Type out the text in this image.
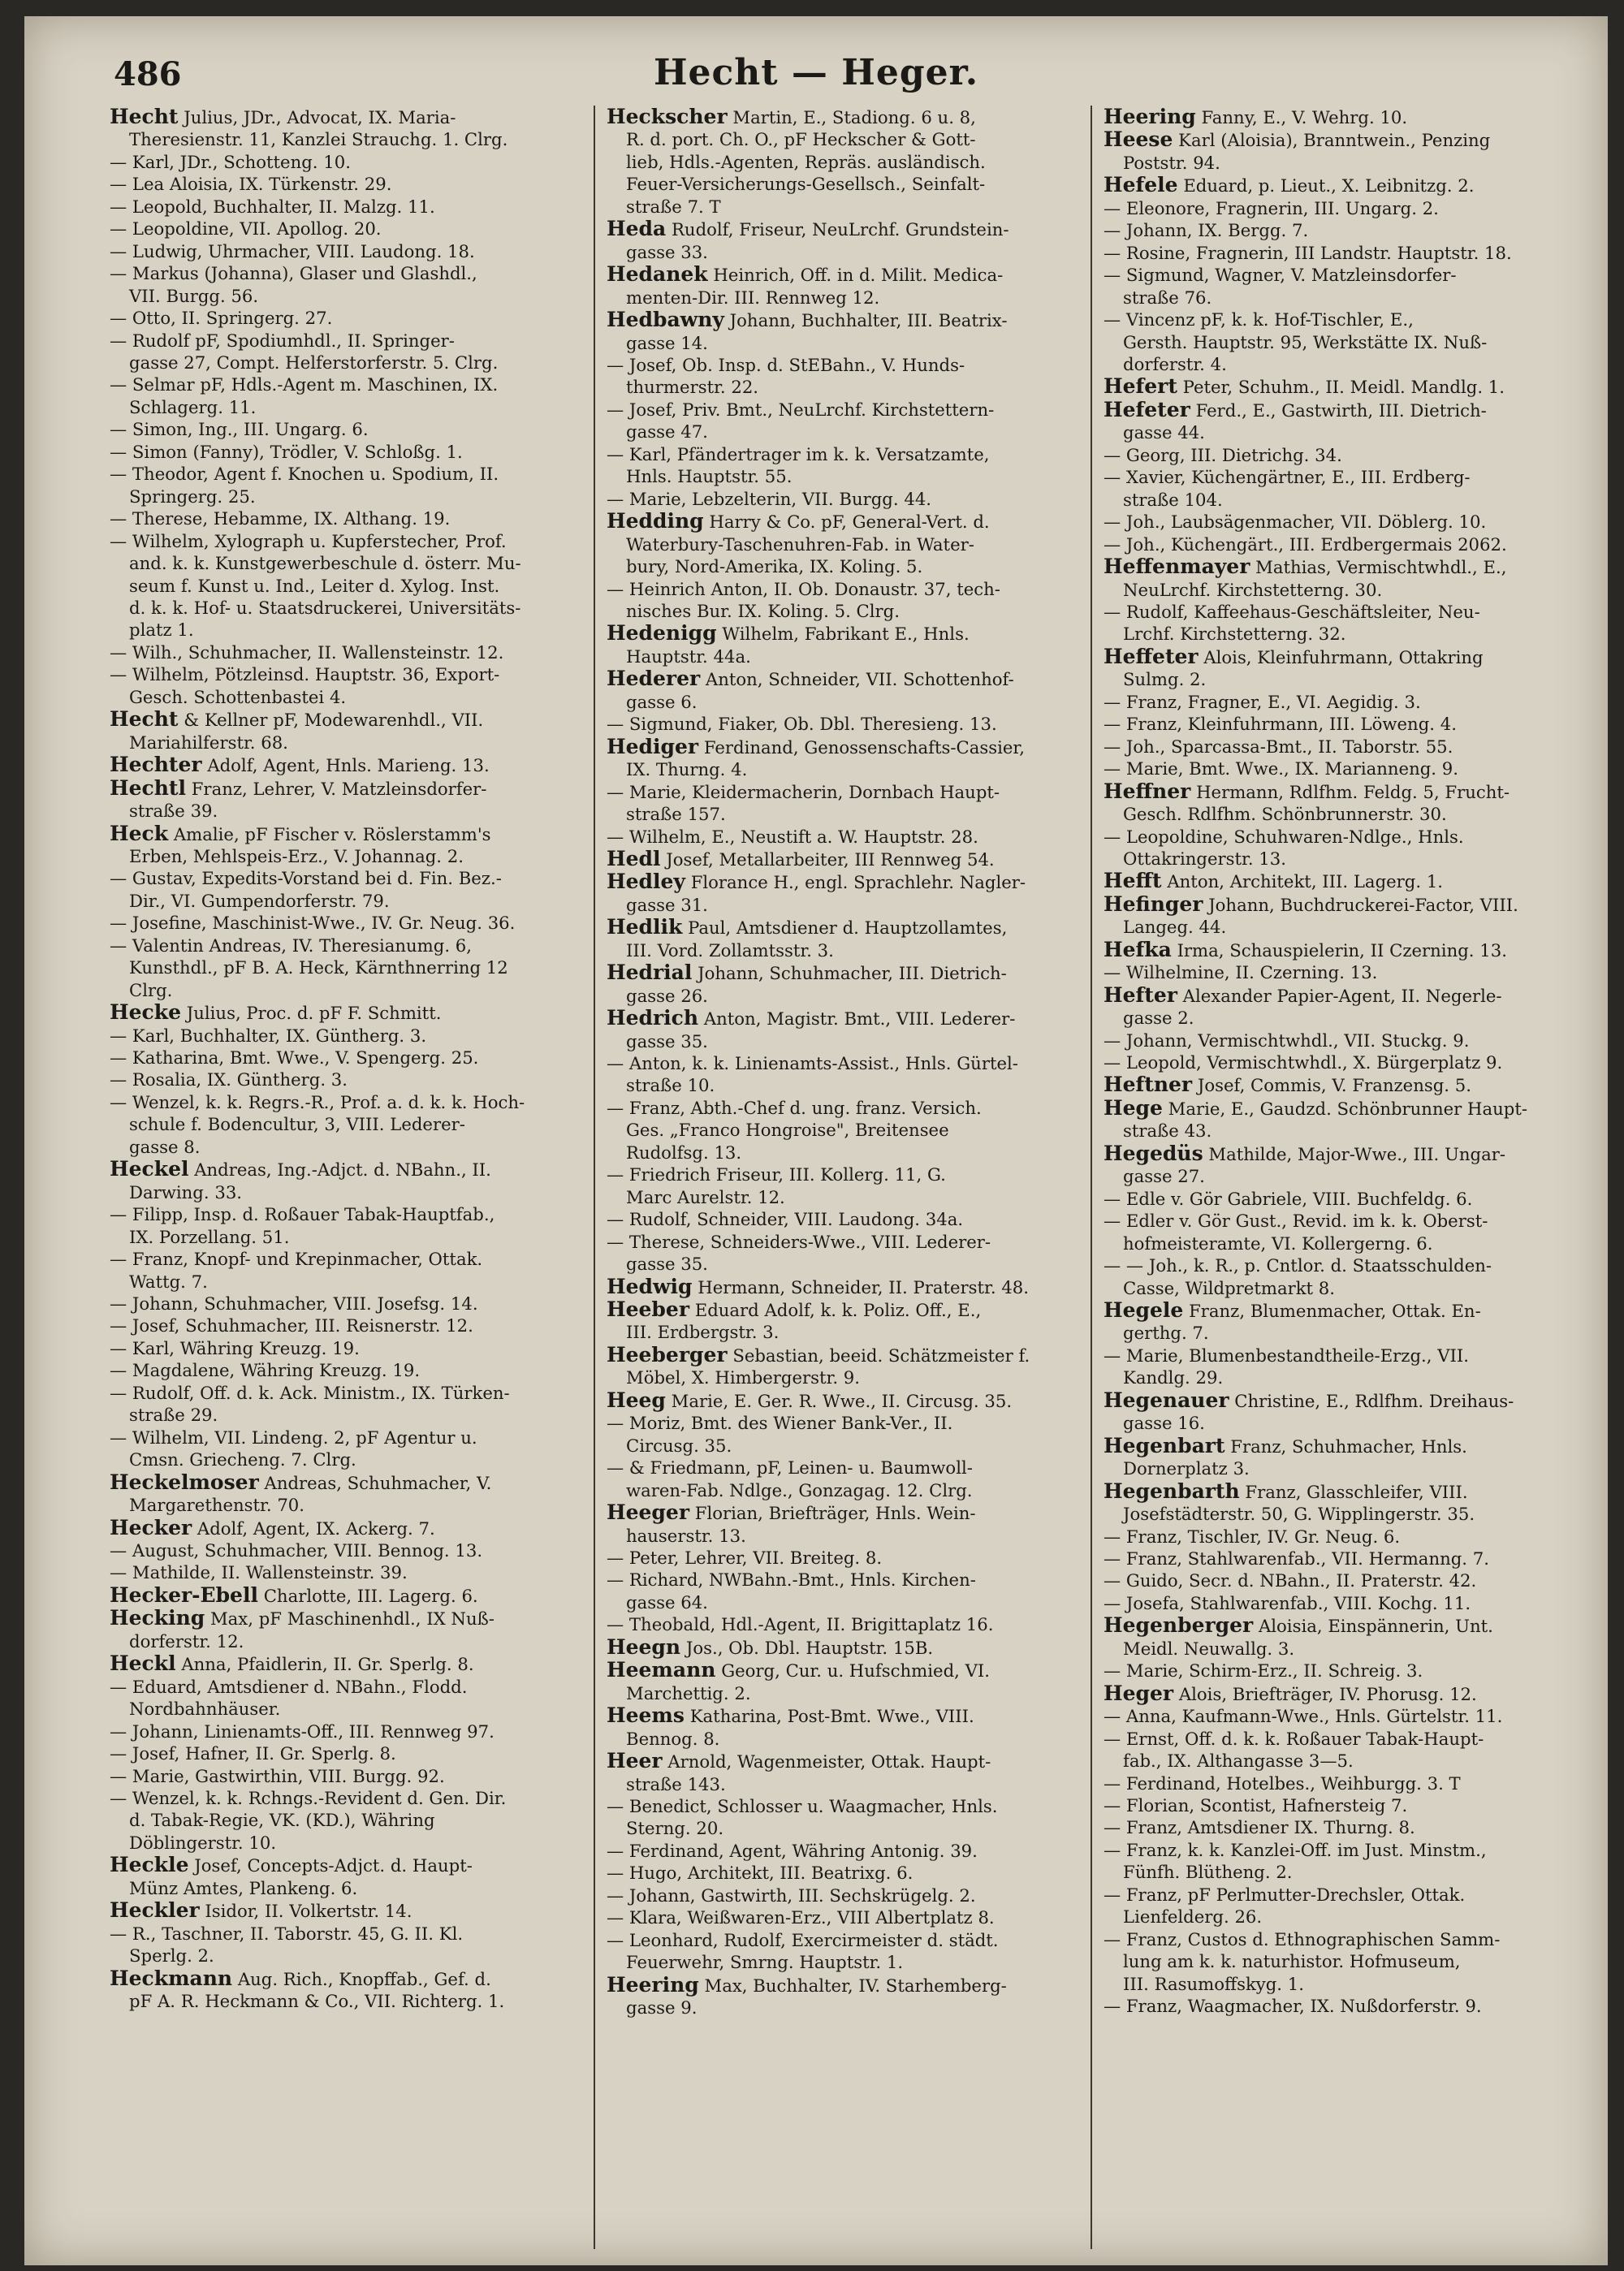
486	Hecht — Heger.
Hecht Julius, JDr., Advocat, IX. Maria-
Theresienstr. 11, Kanzlei Strauchg. 1. Clrg.
— Karl, JDr., Schotteng. 10.
— Lea Aloisia, IX. Türkenstr. 29.
— Leopold, Buchhalter, II. Malzg. 11.
— Leopoldine, VII. Apollog. 20.
— Ludwig, Uhrmacher, VIII. Laudong. 18.
— Markus (Johanna), Glaser und Glashdl.,
VII. Burgg. 56.
— Otto, II. Springerg. 27.
— Rudolf pF, Spodiumhdl., II. Springer-
gasse 27, Compt. Helferstorferstr. 5. Clrg.
— Selmar pF, Hdls.-Agent m. Maschinen, IX.
Schlagerg. 11.
— Simon, Ing., III. Ungarg. 6.
— Simon (Fanny), Trödler, V. Schloßg. 1.
— Theodor, Agent f. Knochen u. Spodium, II.
Springerg. 25.
— Therese, Hebamme, IX. Althang. 19.
— Wilhelm, Xylograph u. Kupferstecher, Prof.
and. k. k. Kunstgewerbeschule d. österr. Mu-
seum f. Kunst u. Ind., Leiter d. Xylog. Inst.
d. k. k. Hof- u. Staatsdruckerei, Universitäts-
platz 1.
— Wilh., Schuhmacher, II. Wallensteinstr. 12.
— Wilhelm, Pötzleinsd. Hauptstr. 36, Export-
Gesch. Schottenbastei 4.
Hecht & Kellner pF, Modewarenhdl., VII.
Mariahilferstr. 68.
Hechter Adolf, Agent, Hnls. Marieng. 13.
Hechtl Franz, Lehrer, V. Matzleinsdorfer-
straße 39.
Heck Amalie, pF Fischer v. Röslerstamm's
Erben, Mehlspeis-Erz., V. Johannag. 2.
— Gustav, Expedits-Vorstand bei d. Fin. Bez.-
Dir., VI. Gumpendorferstr. 79.
— Josefine, Maschinist-Wwe., IV. Gr. Neug. 36.
— Valentin Andreas, IV. Theresianumg. 6,
Kunsthdl., pF B. A. Heck, Kärnthnerring 12
Clrg.
Hecke Julius, Proc. d. pF F. Schmitt.
— Karl, Buchhalter, IX. Güntherg. 3.
— Katharina, Bmt. Wwe., V. Spengerg. 25.
— Rosalia, IX. Güntherg. 3.
— Wenzel, k. k. Regrs.-R., Prof. a. d. k. k. Hoch-
schule f. Bodencultur, 3, VIII. Lederer-
gasse 8.
Heckel Andreas, Ing.-Adjct. d. NBahn., II.
Darwing. 33.
— Filipp, Insp. d. Roßauer Tabak-Hauptfab.,
IX. Porzellang. 51.
— Franz, Knopf- und Krepinmacher, Ottak.
Wattg. 7.
— Johann, Schuhmacher, VIII. Josefsg. 14.
— Josef, Schuhmacher, III. Reisnerstr. 12.
— Karl, Währing Kreuzg. 19.
— Magdalene, Währing Kreuzg. 19.
— Rudolf, Off. d. k. Ack. Ministm., IX. Türken-
straße 29.
— Wilhelm, VII. Lindeng. 2, pF Agentur u.
Cmsn. Griecheng. 7. Clrg.
Heckelmoser Andreas, Schuhmacher, V.
Margarethenstr. 70.
Hecker Adolf, Agent, IX. Ackerg. 7.
— August, Schuhmacher, VIII. Bennog. 13.
— Mathilde, II. Wallensteinstr. 39.
Hecker-Ebell Charlotte, III. Lagerg. 6.
Hecking Max, pF Maschinenhdl., IX Nuß-
dorferstr. 12.
Heckl Anna, Pfaidlerin, II. Gr. Sperlg. 8.
— Eduard, Amtsdiener d. NBahn., Flodd.
Nordbahnhäuser.
— Johann, Linienamts-Off., III. Rennweg 97.
— Josef, Hafner, II. Gr. Sperlg. 8.
— Marie, Gastwirthin, VIII. Burgg. 92.
— Wenzel, k. k. Rchngs.-Revident d. Gen. Dir.
d. Tabak-Regie, VK. (KD.), Währing
Döblingerstr. 10.
Heckle Josef, Concepts-Adjct. d. Haupt-
Münz Amtes, Plankeng. 6.
Heckler Isidor, II. Volkertstr. 14.
— R., Taschner, II. Taborstr. 45, G. II. Kl.
Sperlg. 2.
Heckmann Aug. Rich., Knopffab., Gef. d.
pF A. R. Heckmann & Co., VII. Richterg. 1.
Heckscher Martin, E., Stadiong. 6 u. 8,
R. d. port. Ch. O., pF Heckscher & Gott-
lieb, Hdls.-Agenten, Repräs. ausländisch.
Feuer-Versicherungs-Gesellsch., Seinfalt-
straße 7. T
Heda Rudolf, Friseur, NeuLrchf. Grundstein-
gasse 33.
Hedanek Heinrich, Off. in d. Milit. Medica-
menten-Dir. III. Rennweg 12.
Hedbawny Johann, Buchhalter, III. Beatrix-
gasse 14.
— Josef, Ob. Insp. d. StEBahn., V. Hunds-
thurmerstr. 22.
— Josef, Priv. Bmt., NeuLrchf. Kirchstettern-
gasse 47.
— Karl, Pfändertrager im k. k. Versatzamte,
Hnls. Hauptstr. 55.
— Marie, Lebzelterin, VII. Burgg. 44.
Hedding Harry & Co. pF, General-Vert. d.
Waterbury-Taschenuhren-Fab. in Water-
bury, Nord-Amerika, IX. Koling. 5.
— Heinrich Anton, II. Ob. Donaustr. 37, tech-
nisches Bur. IX. Koling. 5. Clrg.
Hedenigg Wilhelm, Fabrikant E., Hnls.
Hauptstr. 44a.
Hederer Anton, Schneider, VII. Schottenhof-
gasse 6.
— Sigmund, Fiaker, Ob. Dbl. Theresieng. 13.
Hediger Ferdinand, Genossenschafts-Cassier,
IX. Thurng. 4.
— Marie, Kleidermacherin, Dornbach Haupt-
straße 157.
— Wilhelm, E., Neustift a. W. Hauptstr. 28.
Hedl Josef, Metallarbeiter, III Rennweg 54.
Hedley Florance H., engl. Sprachlehr. Nagler-
gasse 31.
Hedlik Paul, Amtsdiener d. Hauptzollamtes,
III. Vord. Zollamtsstr. 3.
Hedrial Johann, Schuhmacher, III. Dietrich-
gasse 26.
Hedrich Anton, Magistr. Bmt., VIII. Lederer-
gasse 35.
— Anton, k. k. Linienamts-Assist., Hnls. Gürtel-
straße 10.
— Franz, Abth.-Chef d. ung. franz. Versich.
Ges. „Franco Hongroise", Breitensee
Rudolfsg. 13.
— Friedrich Friseur, III. Kollerg. 11, G.
Marc Aurelstr. 12.
— Rudolf, Schneider, VIII. Laudong. 34a.
— Therese, Schneiders-Wwe., VIII. Lederer-
gasse 35.
Hedwig Hermann, Schneider, II. Praterstr. 48.
Heeber Eduard Adolf, k. k. Poliz. Off., E.,
III. Erdbergstr. 3.
Heeberger Sebastian, beeid. Schätzmeister f.
Möbel, X. Himbergerstr. 9.
Heeg Marie, E. Ger. R. Wwe., II. Circusg. 35.
— Moriz, Bmt. des Wiener Bank-Ver., II.
Circusg. 35.
— & Friedmann, pF, Leinen- u. Baumwoll-
waren-Fab. Ndlge., Gonzagag. 12. Clrg.
Heeger Florian, Briefträger, Hnls. Wein-
hauserstr. 13.
— Peter, Lehrer, VII. Breiteg. 8.
— Richard, NWBahn.-Bmt., Hnls. Kirchen-
gasse 64.
— Theobald, Hdl.-Agent, II. Brigittaplatz 16.
Heegn Jos., Ob. Dbl. Hauptstr. 15B.
Heemann Georg, Cur. u. Hufschmied, VI.
Marchettig. 2.
Heems Katharina, Post-Bmt. Wwe., VIII.
Bennog. 8.
Heer Arnold, Wagenmeister, Ottak. Haupt-
straße 143.
— Benedict, Schlosser u. Waagmacher, Hnls.
Sterng. 20.
— Ferdinand, Agent, Währing Antonig. 39.
— Hugo, Architekt, III. Beatrixg. 6.
— Johann, Gastwirth, III. Sechskrügelg. 2.
— Klara, Weißwaren-Erz., VIII Albertplatz 8.
— Leonhard, Rudolf, Exercirmeister d. städt.
Feuerwehr, Smrng. Hauptstr. 1.
Heering Max, Buchhalter, IV. Starhemberg-
gasse 9.
Heering Fanny, E., V. Wehrg. 10.
Heese Karl (Aloisia), Branntwein., Penzing
Poststr. 94.
Hefele Eduard, p. Lieut., X. Leibnitzg. 2.
— Eleonore, Fragnerin, III. Ungarg. 2.
— Johann, IX. Bergg. 7.
— Rosine, Fragnerin, III Landstr. Hauptstr. 18.
— Sigmund, Wagner, V. Matzleinsdorfer-
straße 76.
— Vincenz pF, k. k. Hof-Tischler, E.,
Gersth. Hauptstr. 95, Werkstätte IX. Nuß-
dorferstr. 4.
Hefert Peter, Schuhm., II. Meidl. Mandlg. 1.
Hefeter Ferd., E., Gastwirth, III. Dietrich-
gasse 44.
— Georg, III. Dietrichg. 34.
— Xavier, Küchengärtner, E., III. Erdberg-
straße 104.
— Joh., Laubsägenmacher, VII. Döblerg. 10.
— Joh., Küchengärt., III. Erdbergermais 2062.
Heffenmayer Mathias, Vermischtwhdl., E.,
NeuLrchf. Kirchstetterng. 30.
— Rudolf, Kaffeehaus-Geschäftsleiter, Neu-
Lrchf. Kirchstetterng. 32.
Heffeter Alois, Kleinfuhrmann, Ottakring
Sulmg. 2.
— Franz, Fragner, E., VI. Aegidig. 3.
— Franz, Kleinfuhrmann, III. Löweng. 4.
— Joh., Sparcassa-Bmt., II. Taborstr. 55.
— Marie, Bmt. Wwe., IX. Marianneng. 9.
Heffner Hermann, Rdlfhm. Feldg. 5, Frucht-
Gesch. Rdlfhm. Schönbrunnerstr. 30.
— Leopoldine, Schuhwaren-Ndlge., Hnls.
Ottakringerstr. 13.
Hefft Anton, Architekt, III. Lagerg. 1.
Hefinger Johann, Buchdruckerei-Factor, VIII.
Langeg. 44.
Hefka Irma, Schauspielerin, II Czerning. 13.
— Wilhelmine, II. Czerning. 13.
Hefter Alexander Papier-Agent, II. Negerle-
gasse 2.
— Johann, Vermischtwhdl., VII. Stuckg. 9.
— Leopold, Vermischtwhdl., X. Bürgerplatz 9.
Heftner Josef, Commis, V. Franzensg. 5.
Hege Marie, E., Gaudzd. Schönbrunner Haupt-
straße 43.
Hegedüs Mathilde, Major-Wwe., III. Ungar-
gasse 27.
— Edle v. Gör Gabriele, VIII. Buchfeldg. 6.
— Edler v. Gör Gust., Revid. im k. k. Oberst-
hofmeisteramte, VI. Kollergerng. 6.
— — Joh., k. R., p. Cntlor. d. Staatsschulden-
Casse, Wildpretmarkt 8.
Hegele Franz, Blumenmacher, Ottak. En-
gerthg. 7.
— Marie, Blumenbestandtheile-Erzg., VII.
Kandlg. 29.
Hegenauer Christine, E., Rdlfhm. Dreihaus-
gasse 16.
Hegenbart Franz, Schuhmacher, Hnls.
Dornerplatz 3.
Hegenbarth Franz, Glasschleifer, VIII.
Josefstädterstr. 50, G. Wipplingerstr. 35.
— Franz, Tischler, IV. Gr. Neug. 6.
— Franz, Stahlwarenfab., VII. Hermanng. 7.
— Guido, Secr. d. NBahn., II. Praterstr. 42.
— Josefa, Stahlwarenfab., VIII. Kochg. 11.
Hegenberger Aloisia, Einspännerin, Unt.
Meidl. Neuwallg. 3.
— Marie, Schirm-Erz., II. Schreig. 3.
Heger Alois, Briefträger, IV. Phorusg. 12.
— Anna, Kaufmann-Wwe., Hnls. Gürtelstr. 11.
— Ernst, Off. d. k. k. Roßauer Tabak-Haupt-
fab., IX. Althangasse 3—5.
— Ferdinand, Hotelbes., Weihburgg. 3. T
— Florian, Scontist, Hafnersteig 7.
— Franz, Amtsdiener IX. Thurng. 8.
— Franz, k. k. Kanzlei-Off. im Just. Minstm.,
Fünfh. Blütheng. 2.
— Franz, pF Perlmutter-Drechsler, Ottak.
Lienfelderg. 26.
— Franz, Custos d. Ethnographischen Samm-
lung am k. k. naturhistor. Hofmuseum,
III. Rasumoffskyg. 1.
— Franz, Waagmacher, IX. Nußdorferstr. 9.
